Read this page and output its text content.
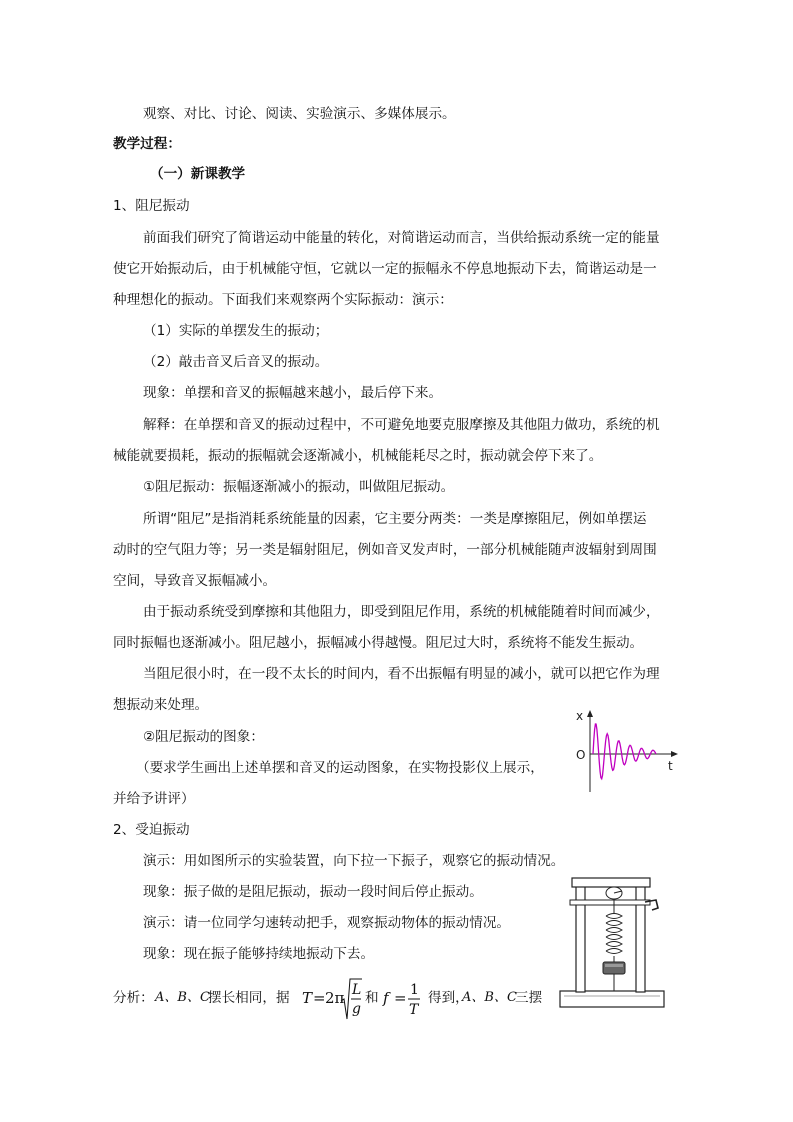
观察、对比、讨论、阅读、实验演示、多媒体展示。
教学过程：
（一）新课教学
1、阻尼振动
前面我们研究了简谐运动中能量的转化，对简谐运动而言，当供给振动系统一定的能量
使它开始振动后，由于机械能守恒，它就以一定的振幅永不停息地振动下去，简谐运动是一
种理想化的振动。下面我们来观察两个实际振动：演示：
（1）实际的单摆发生的振动；
（2）敲击音叉后音叉的振动。
现象：单摆和音叉的振幅越来越小，最后停下来。
解释：在单摆和音叉的振动过程中，不可避免地要克服摩擦及其他阻力做功，系统的机
械能就要损耗，振动的振幅就会逐渐减小，机械能耗尽之时，振动就会停下来了。
①阻尼振动：振幅逐渐减小的振动，叫做阻尼振动。
所谓“阻尼”是指消耗系统能量的因素，它主要分两类：一类是摩擦阻尼，例如单摆运
动时的空气阻力等；另一类是辐射阻尼，例如音叉发声时，一部分机械能随声波辐射到周围
空间，导致音叉振幅减小。
由于振动系统受到摩擦和其他阻力，即受到阻尼作用，系统的机械能随着时间而减少，
同时振幅也逐渐减小。阻尼越小，振幅减小得越慢。阻尼过大时，系统将不能发生振动。
当阻尼很小时，在一段不太长的时间内，看不出振幅有明显的减小，就可以把它作为理
想振动来处理。
②阻尼振动的图象：
（要求学生画出上述单摆和音叉的运动图象，在实物投影仪上展示，
并给予讲评）
x
O
t
2、受迫振动
演示：用如图所示的实验装置，向下拉一下振子，观察它的振动情况。
现象：振子做的是阻尼振动，振动一段时间后停止振动。
演示：请一位同学匀速转动把手，观察振动物体的振动情况。
现象：现在振子能够持续地振动下去。
分析： A、B、C
摆长相同，据 T = 2π L
g
和 f = 1
T
得到，
A、B、C
三摆
